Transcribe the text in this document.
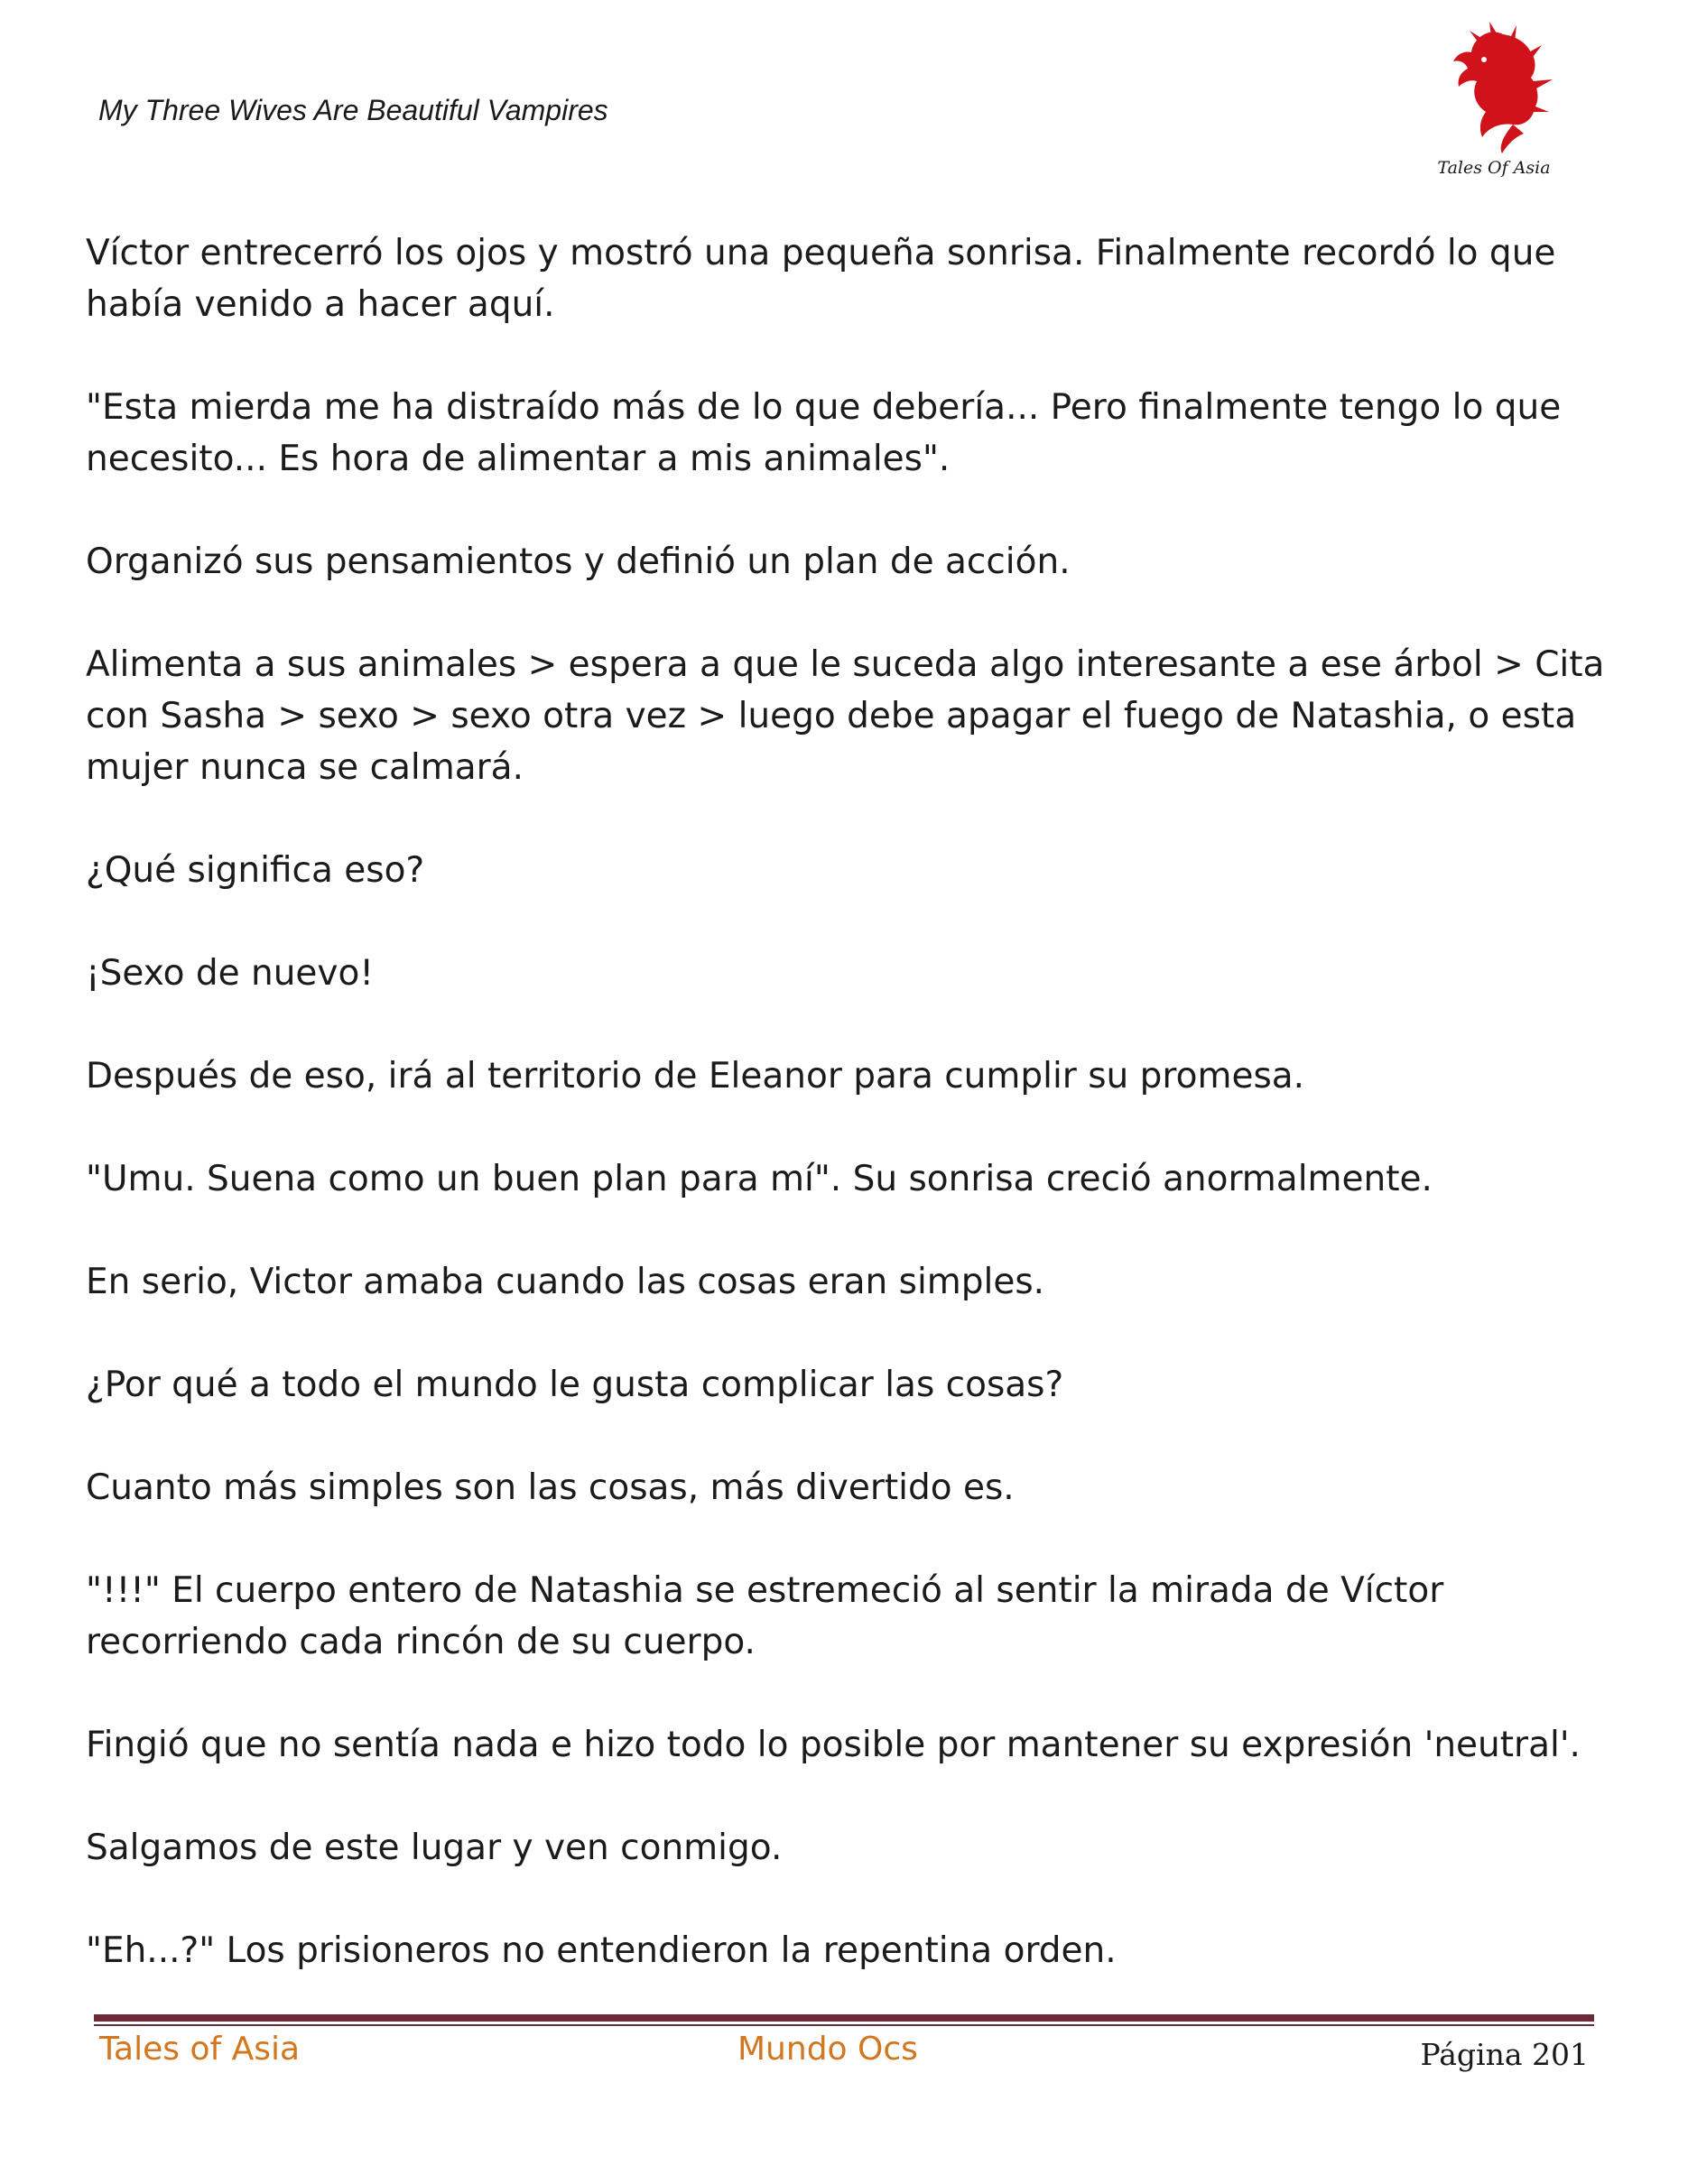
My Three Wives Are Beautiful Vampires
Tales Of Asia

Víctor entrecerró los ojos y mostró una pequeña sonrisa. Finalmente recordó lo que había venido a hacer aquí.

"Esta mierda me ha distraído más de lo que debería... Pero finalmente tengo lo que necesito... Es hora de alimentar a mis animales".

Organizó sus pensamientos y definió un plan de acción.

Alimenta a sus animales > espera a que le suceda algo interesante a ese árbol > Cita con Sasha > sexo > sexo otra vez > luego debe apagar el fuego de Natashia, o esta mujer nunca se calmará.

¿Qué significa eso?

¡Sexo de nuevo!

Después de eso, irá al territorio de Eleanor para cumplir su promesa.

"Umu. Suena como un buen plan para mí". Su sonrisa creció anormalmente.

En serio, Victor amaba cuando las cosas eran simples.

¿Por qué a todo el mundo le gusta complicar las cosas?

Cuanto más simples son las cosas, más divertido es.

"!!!" El cuerpo entero de Natashia se estremeció al sentir la mirada de Víctor recorriendo cada rincón de su cuerpo.

Fingió que no sentía nada e hizo todo lo posible por mantener su expresión 'neutral'.

Salgamos de este lugar y ven conmigo.

"Eh...?" Los prisioneros no entendieron la repentina orden.

Tales of Asia	Mundo Ocs	Página 201
